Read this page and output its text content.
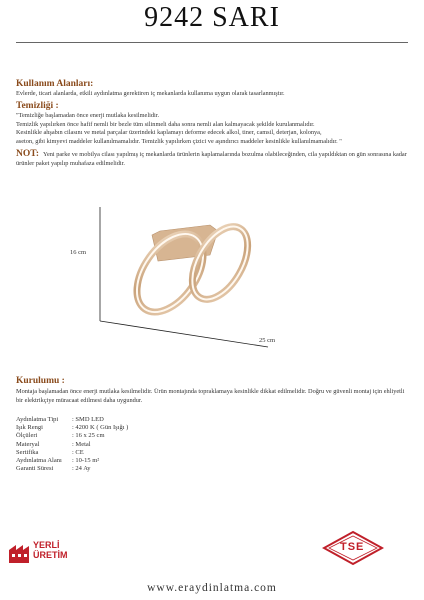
9242 SARI
Kullanım Alanları:
Evlerde, ticari alanlarda, etkili aydınlatma gerektiren iç mekanlarda kullanıma uygun olarak tasarlanmıştır.
Temizliği :
"Temizliğe başlamadan önce enerji mutlaka kesilmelidir.
Temizlik yapılırken önce hafif nemli bir bezle tüm silinmeli daha sonra nemli alan kalmayacak şekilde kurulanmalıdır.
Kesinlikle ahşabın cilasını ve metal parçalar üzerindeki kaplamayı deforme edecek alkol, tiner, camsil, deterjan, kolonya,
aseton, gibi kimyevi maddeler kullanılmamalıdır. Temizlik yapılırken çizici ve aşındırıcı maddeler kesinlikle kullanılmamalıdır. "
NOT: Yeni parke ve mobilya cilası yapılmış iç mekanlarda ürünlerin kaplamalarında bozulma olabileceğinden, cila yapıldıktan on gün sonrasına kadar ürünler paket yapılıp muhafaza edilmelidir.
16 cm
25 cm
Kurulumu :
Montaja başlamadan önce enerji mutlaka kesilmelidir. Ürün montajında topraklamaya kesinlikle dikkat edilmelidir. Doğru ve güvenli montaj için ehliyetli bir elektrikçiye müracaat edilmesi daha uygundur.
Aydınlatma Tipi	: SMD LED
Işık Rengi	: 4200 K ( Gün Işığı )
Ölçüleri	: 16 x 25 cm
Materyal	: Metal
Sertifika	: CE
Aydınlatma Alanı	: 10-15 m²
Garanti Süresi	: 24 Ay
YERLİ
ÜRETİM
TSE
www.eraydinlatma.com
